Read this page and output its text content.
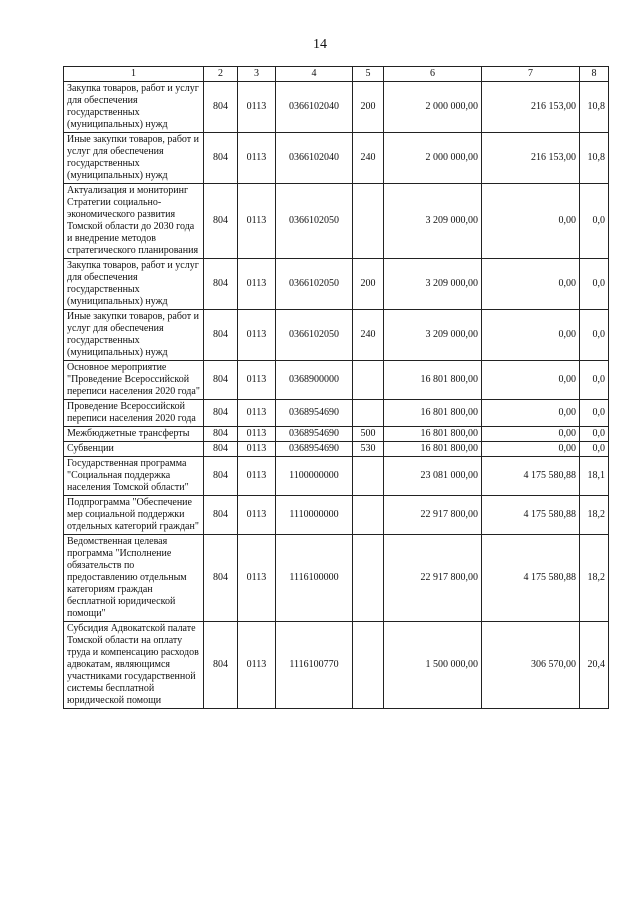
14
1	2	3	4	5	6	7	8
Закупка товаров, работ и услуг для обеспечения государственных (муниципальных) нужд	804	0113	0366102040	200	2 000 000,00	216 153,00	10,8
Иные закупки товаров, работ и услуг для обеспечения государственных (муниципальных) нужд	804	0113	0366102040	240	2 000 000,00	216 153,00	10,8
Актуализация и мониторинг Стратегии социально-экономического развития Томской области до 2030 года и внедрение методов стратегического планирования	804	0113	0366102050		3 209 000,00	0,00	0,0
Закупка товаров, работ и услуг для обеспечения государственных (муниципальных) нужд	804	0113	0366102050	200	3 209 000,00	0,00	0,0
Иные закупки товаров, работ и услуг для обеспечения государственных (муниципальных) нужд	804	0113	0366102050	240	3 209 000,00	0,00	0,0
Основное мероприятие "Проведение Всероссийской переписи населения 2020 года"	804	0113	0368900000		16 801 800,00	0,00	0,0
Проведение Всероссийской переписи населения 2020 года	804	0113	0368954690		16 801 800,00	0,00	0,0
Межбюджетные трансферты	804	0113	0368954690	500	16 801 800,00	0,00	0,0
Субвенции	804	0113	0368954690	530	16 801 800,00	0,00	0,0
Государственная программа "Социальная поддержка населения Томской области"	804	0113	1100000000		23 081 000,00	4 175 580,88	18,1
Подпрограмма "Обеспечение мер социальной поддержки отдельных категорий граждан"	804	0113	1110000000		22 917 800,00	4 175 580,88	18,2
Ведомственная целевая программа "Исполнение обязательств по предоставлению отдельным категориям граждан бесплатной юридической помощи"	804	0113	1116100000		22 917 800,00	4 175 580,88	18,2
Субсидия Адвокатской палате Томской области на оплату труда и компенсацию расходов адвокатам, являющимся участниками государственной системы бесплатной юридической помощи	804	0113	1116100770		1 500 000,00	306 570,00	20,4
